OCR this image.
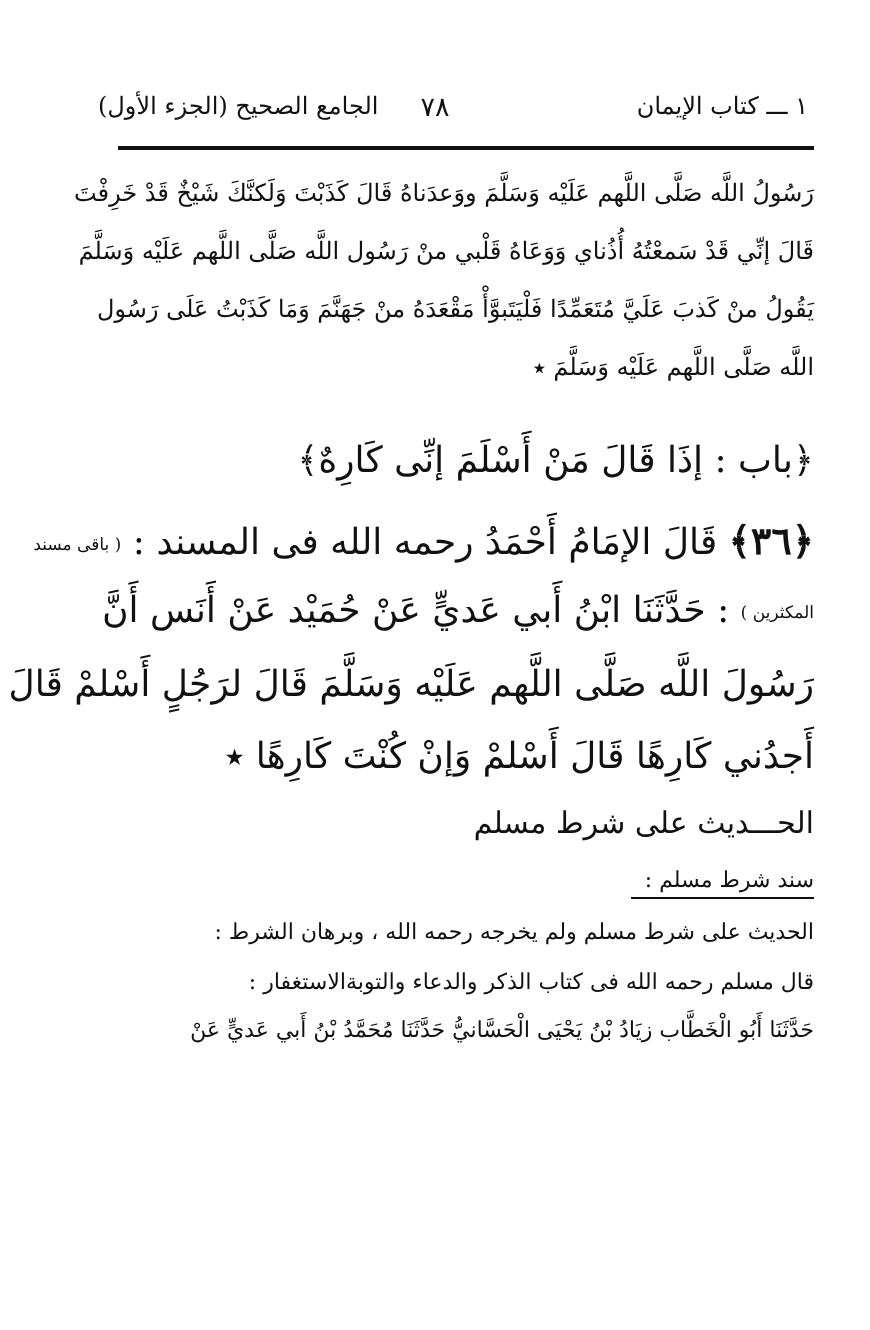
١ ـــ كتاب الإيمان
٧٨
الجامع الصحيح (الجزء الأول)

رَسُولُ اللَّه صَلَّى اللَّهم عَلَيْه وَسَلَّمَ ووَعدَناهُ قَالَ كَذَبْتَ وَلَكنَّكَ شَيْخٌ قَدْ خَرِفْتَ

قَالَ إنِّي قَدْ سَمعْتُهُ أُذُناي وَوَعَاهُ قَلْبي منْ رَسُول اللَّه صَلَّى اللَّهم عَلَيْه وَسَلَّمَ

يَقُولُ منْ كَذبَ عَلَيَّ مُتَعَمِّدًا فَلْيَتَبوَّأْ مَقْعَدَهُ منْ جَهَنَّمَ وَمَا كَذَبْتُ عَلَى رَسُول

اللَّه صَلَّى اللَّهم عَلَيْه وَسَلَّمَ ⭑

﴿باب : إذَا قَالَ مَنْ أَسْلَمَ إنِّى كَارِهٌ﴾
﴿٣٦﴾ قَالَ الإمَامُ أَحْمَدُ رحمه الله فى المسند : ( باقى مسند
المكثرين ) : حَدَّثَنَا ابْنُ أَبي عَديٍّ عَنْ حُمَيْد عَنْ أَنَس أَنَّ
رَسُولَ اللَّه صَلَّى اللَّهم عَلَيْه وَسَلَّمَ قَالَ لرَجُلٍ أَسْلمْ قَالَ
أَجدُني كَارِهًا قَالَ أَسْلمْ وَإنْ كُنْتَ كَارِهًا ⭑
الحـــديث على شرط مسلم
سند شرط مسلم :
الحديث على شرط مسلم ولم يخرجه رحمه الله ، وبرهان الشرط :
قال مسلم رحمه الله فى كتاب الذكر والدعاء والتوبةالاستغفار :
حَدَّثَنَا أَبُو الْخَطَّاب زيَادُ بْنُ يَحْيَى الْحَسَّانيُّ حَدَّثَنَا مُحَمَّدُ بْنُ أَبي عَديٍّ عَنْ
